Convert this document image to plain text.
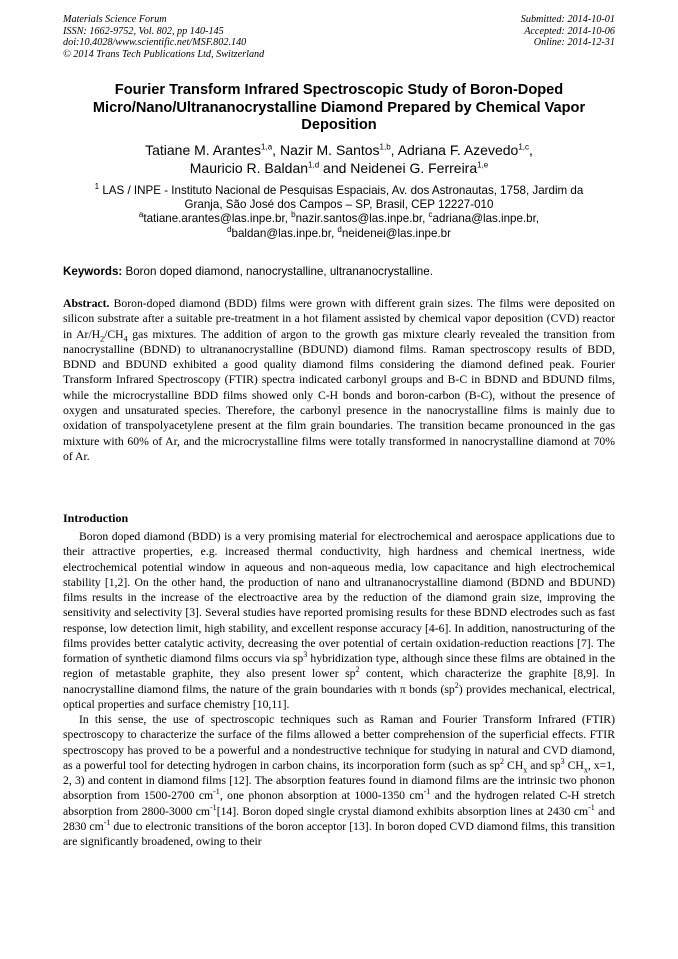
Materials Science Forum
ISSN: 1662-9752, Vol. 802, pp 140-145
doi:10.4028/www.scientific.net/MSF.802.140
© 2014 Trans Tech Publications Ltd, Switzerland
Submitted: 2014-10-01
Accepted: 2014-10-06
Online: 2014-12-31
Fourier Transform Infrared Spectroscopic Study of Boron-Doped Micro/Nano/Ultrananocrystalline Diamond Prepared by Chemical Vapor Deposition
Tatiane M. Arantes$^{1,a}$, Nazir M. Santos$^{1,b}$, Adriana F. Azevedo$^{1,c}$,
Mauricio R. Baldan$^{1,d}$ and Neidenei G. Ferreira$^{1,e}$
$^1$ LAS / INPE - Instituto Nacional de Pesquisas Espaciais, Av. dos Astronautas, 1758, Jardim da
Granja, São José dos Campos – SP, Brasil, CEP 12227-010
$^a$tatiane.arantes@las.inpe.br, $^b$nazir.santos@las.inpe.br, $^c$adriana@las.inpe.br,
$^d$baldan@las.inpe.br, $^d$neidenei@las.inpe.br
Keywords: Boron doped diamond, nanocrystalline, ultrananocrystalline.
Abstract. Boron-doped diamond (BDD) films were grown with different grain sizes. The films were deposited on silicon substrate after a suitable pre-treatment in a hot filament assisted by chemical vapor deposition (CVD) reactor in $Ar/H_2/CH_4$ gas mixtures. The addition of argon to the growth gas mixture clearly revealed the transition from nanocrystalline (BDND) to ultrananocrystalline (BDUND) diamond films. Raman spectroscopy results of BDD, BDND and BDUND exhibited a good quality diamond films considering the diamond defined peak. Fourier Transform Infrared Spectroscopy (FTIR) spectra indicated carbonyl groups and B-C in BDND and BDUND films, while the microcrystalline BDD films showed only C-H bonds and boron-carbon (B-C), without the presence of oxygen and unsaturated species. Therefore, the carbonyl presence in the nanocrystalline films is mainly due to oxidation of transpolyacetylene present at the film grain boundaries. The transition became pronounced in the gas mixture with 60% of Ar, and the microcrystalline films were totally transformed in nanocrystalline diamond at 70% of Ar.
Introduction

Boron doped diamond (BDD) is a very promising material for electrochemical and aerospace applications due to their attractive properties, e.g. increased thermal conductivity, high hardness and chemical inertness, wide electrochemical potential window in aqueous and non-aqueous media, low capacitance and high electrochemical stability [1,2]. On the other hand, the production of nano and ultrananocrystalline diamond (BDND and BDUND) films results in the increase of the electroactive area by the reduction of the diamond grain size, improving the sensitivity and selectivity [3]. Several studies have reported promising results for these BDND electrodes such as fast response, low detection limit, high stability, and excellent response accuracy [4-6]. In addition, nanostructuring of the films provides better catalytic activity, decreasing the over potential of certain oxidation-reduction reactions [7]. The formation of synthetic diamond films occurs via $sp^3$ hybridization type, although since these films are obtained in the region of metastable graphite, they also present lower $sp^2$ content, which characterize the graphite [8,9]. In nanocrystalline diamond films, the nature of the grain boundaries with π bonds $(sp^2)$ provides mechanical, electrical, optical properties and surface chemistry [10,11].

In this sense, the use of spectroscopic techniques such as Raman and Fourier Transform Infrared (FTIR) spectroscopy to characterize the surface of the films allowed a better comprehension of the superficial effects. FTIR spectroscopy has proved to be a powerful and a nondestructive technique for studying in natural and CVD diamond, as a powerful tool for detecting hydrogen in carbon chains, its incorporation form (such as $sp^2$ $CH_x$ and $sp^3$ $CH_x$, x=1, 2, 3) and content in diamond films [12]. The absorption features found in diamond films are the intrinsic two phonon absorption from 1500-2700 $cm^{-1}$, one phonon absorption at 1000-1350 $cm^{-1}$ and the hydrogen related C-H stretch absorption from 2800-3000 $cm^{-1}[14]$. Boron doped single crystal diamond exhibits absorption lines at 2430 $cm^{-1}$ and 2830 $cm^{-1}$ due to electronic transitions of the boron acceptor [13]. In boron doped CVD diamond films, this transition are significantly broadened, owing to their
